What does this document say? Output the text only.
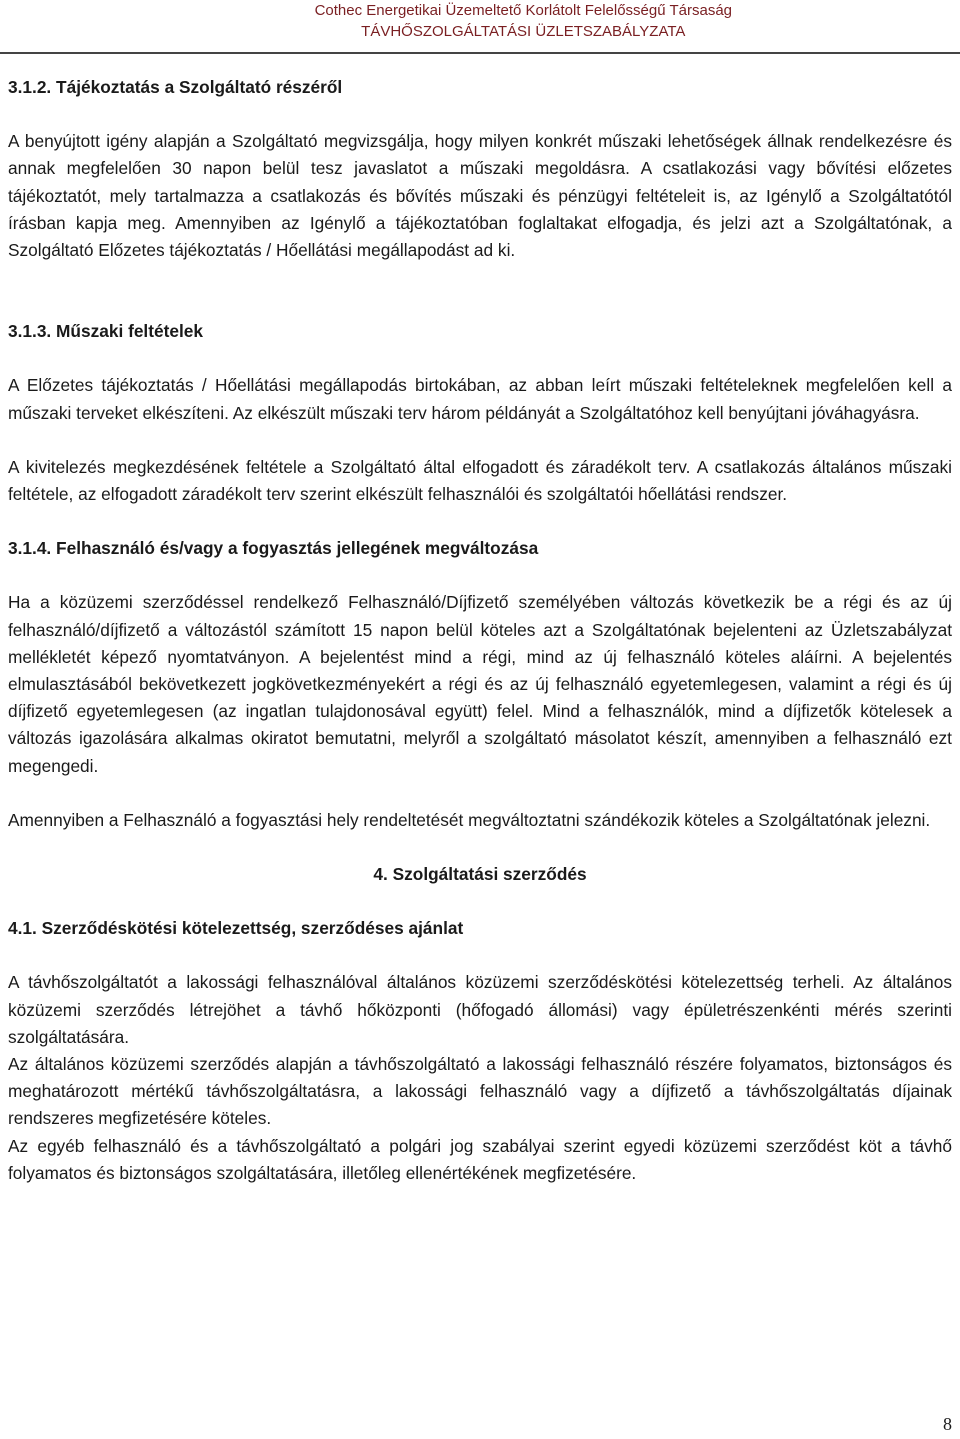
Cothec Energetikai Üzemeltető Korlátolt Felelősségű Társaság
TÁVHŐSZOLGÁLTATÁSI ÜZLETSZABÁLYZATA
3.1.2. Tájékoztatás a Szolgáltató részéről

A benyújtott igény alapján a Szolgáltató megvizsgálja, hogy milyen konkrét műszaki lehetőségek állnak rendelkezésre és annak megfelelően 30 napon belül tesz javaslatot a műszaki megoldásra. A csatlakozási vagy bővítési előzetes tájékoztatót, mely tartalmazza a csatlakozás és bővítés műszaki és pénzügyi feltételeit is, az Igénylő a Szolgáltatótól írásban kapja meg. Amennyiben az Igénylő a tájékoztatóban foglaltakat elfogadja, és jelzi azt a Szolgáltatónak, a Szolgáltató Előzetes tájékoztatás / Hőellátási megállapodást ad ki.

3.1.3. Műszaki feltételek

A Előzetes tájékoztatás / Hőellátási megállapodás birtokában, az abban leírt műszaki feltételeknek megfelelően kell a műszaki terveket elkészíteni. Az elkészült műszaki terv három példányát a Szolgáltatóhoz kell benyújtani jóváhagyásra.

A kivitelezés megkezdésének feltétele a Szolgáltató által elfogadott és záradékolt terv. A csatlakozás általános műszaki feltétele, az elfogadott záradékolt terv szerint elkészült felhasználói és szolgáltatói hőellátási rendszer.

3.1.4. Felhasználó és/vagy a fogyasztás jellegének megváltozása

Ha a közüzemi szerződéssel rendelkező Felhasználó/Díjfizető személyében változás következik be a régi és az új felhasználó/díjfizető a változástól számított 15 napon belül köteles azt a Szolgáltatónak bejelenteni az Üzletszabályzat mellékletét képező nyomtatványon. A bejelentést mind a régi, mind az új felhasználó köteles aláírni. A bejelentés elmulasztásából bekövetkezett jogkövetkezményekért a régi és az új felhasználó egyetemlegesen, valamint a régi és új díjfizető egyetemlegesen (az ingatlan tulajdonosával együtt) felel. Mind a felhasználók, mind a díjfizetők kötelesek a változás igazolására alkalmas okiratot bemutatni, melyről a szolgáltató másolatot készít, amennyiben a felhasználó ezt megengedi.

Amennyiben a Felhasználó a fogyasztási hely rendeltetését megváltoztatni szándékozik köteles a Szolgáltatónak jelezni.

4. Szolgáltatási szerződés
4.1. Szerződéskötési kötelezettség, szerződéses ajánlat

A távhőszolgáltatót a lakossági felhasználóval általános közüzemi szerződéskötési kötelezettség terheli. Az általános közüzemi szerződés létrejöhet a távhő hőközponti (hőfogadó állomási) vagy épületrészenkénti mérés szerinti szolgáltatására.

Az általános közüzemi szerződés alapján a távhőszolgáltató a lakossági felhasználó részére folyamatos, biztonságos és meghatározott mértékű távhőszolgáltatásra, a lakossági felhasználó vagy a díjfizető a távhőszolgáltatás díjainak rendszeres megfizetésére köteles.

Az egyéb felhasználó és a távhőszolgáltató a polgári jog szabályai szerint egyedi közüzemi szerződést köt a távhő folyamatos és biztonságos szolgáltatására, illetőleg ellenértékének megfizetésére.

8
